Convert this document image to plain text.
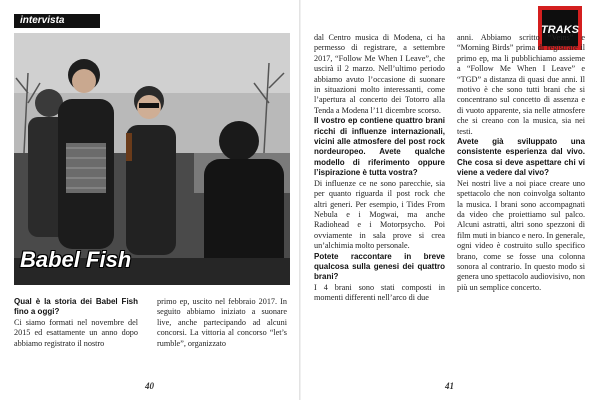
intervista
Babel Fish
TRAKS

Qual è la storia dei Babel Fish fino a oggi?

Ci siamo formati nel novembre del 2015 ed esattamente un anno dopo abbiamo registrato il nostro

primo ep, uscito nel febbraio 2017. In seguito abbiamo iniziato a suonare live, anche partecipando ad alcuni concorsi. La vittoria al concorso “let’s rumble”, organizzato

dal Centro musica di Modena, ci ha permesso di registrare, a settembre 2017, “Follow Me When I Leave”, che uscirà il 2 marzo. Nell’ultimo periodo abbiamo avuto l’occasione di suonare in situazioni molto interessanti, come l’apertura al concerto dei Totorro alla Tenda a Modena l’11 dicembre scorso.

Il vostro ep contiene quattro brani ricchi di influenze internazionali, vicini alle atmosfere del post rock nordeuropeo. Avete qualche modello di riferimento oppure l’ispirazione è tutta vostra?

Di influenze ce ne sono parecchie, sia per quanto riguarda il post rock che altri generi. Per esempio, i Tides From Nebula e i Mogwai, ma anche Radiohead e i Motorpsycho. Poi ovviamente in sala prove si crea un’alchimia molto personale.

Potete raccontare in breve qualcosa sulla genesi dei quattro brani?

I 4 brani sono stati composti in momenti differenti nell’arco di due

anni. Abbiamo scritto “Veins” e “Morning Birds” prima di registrare il primo ep, ma li pubblichiamo assieme a “Follow Me When I Leave” e “TGD” a distanza di quasi due anni. Il motivo è che sono tutti brani che si concentrano sul concetto di assenza e di vuoto apparente, sia nelle atmosfere che si creano con la musica, sia nei testi.

Avete già sviluppato una consistente esperienza dal vivo. Che cosa si deve aspettare chi vi viene a vedere dal vivo?

Nei nostri live a noi piace creare uno spettacolo che non coinvolga soltanto la musica. I brani sono accompagnati da video che proiettiamo sul palco. Alcuni astratti, altri sono spezzoni di film muti in bianco e nero. In generale, ogni video è costruito sullo specifico brano, come se fosse una colonna sonora al contrario. In questo modo si genera uno spettacolo audiovisivo, non più un semplice concerto.

40	41
